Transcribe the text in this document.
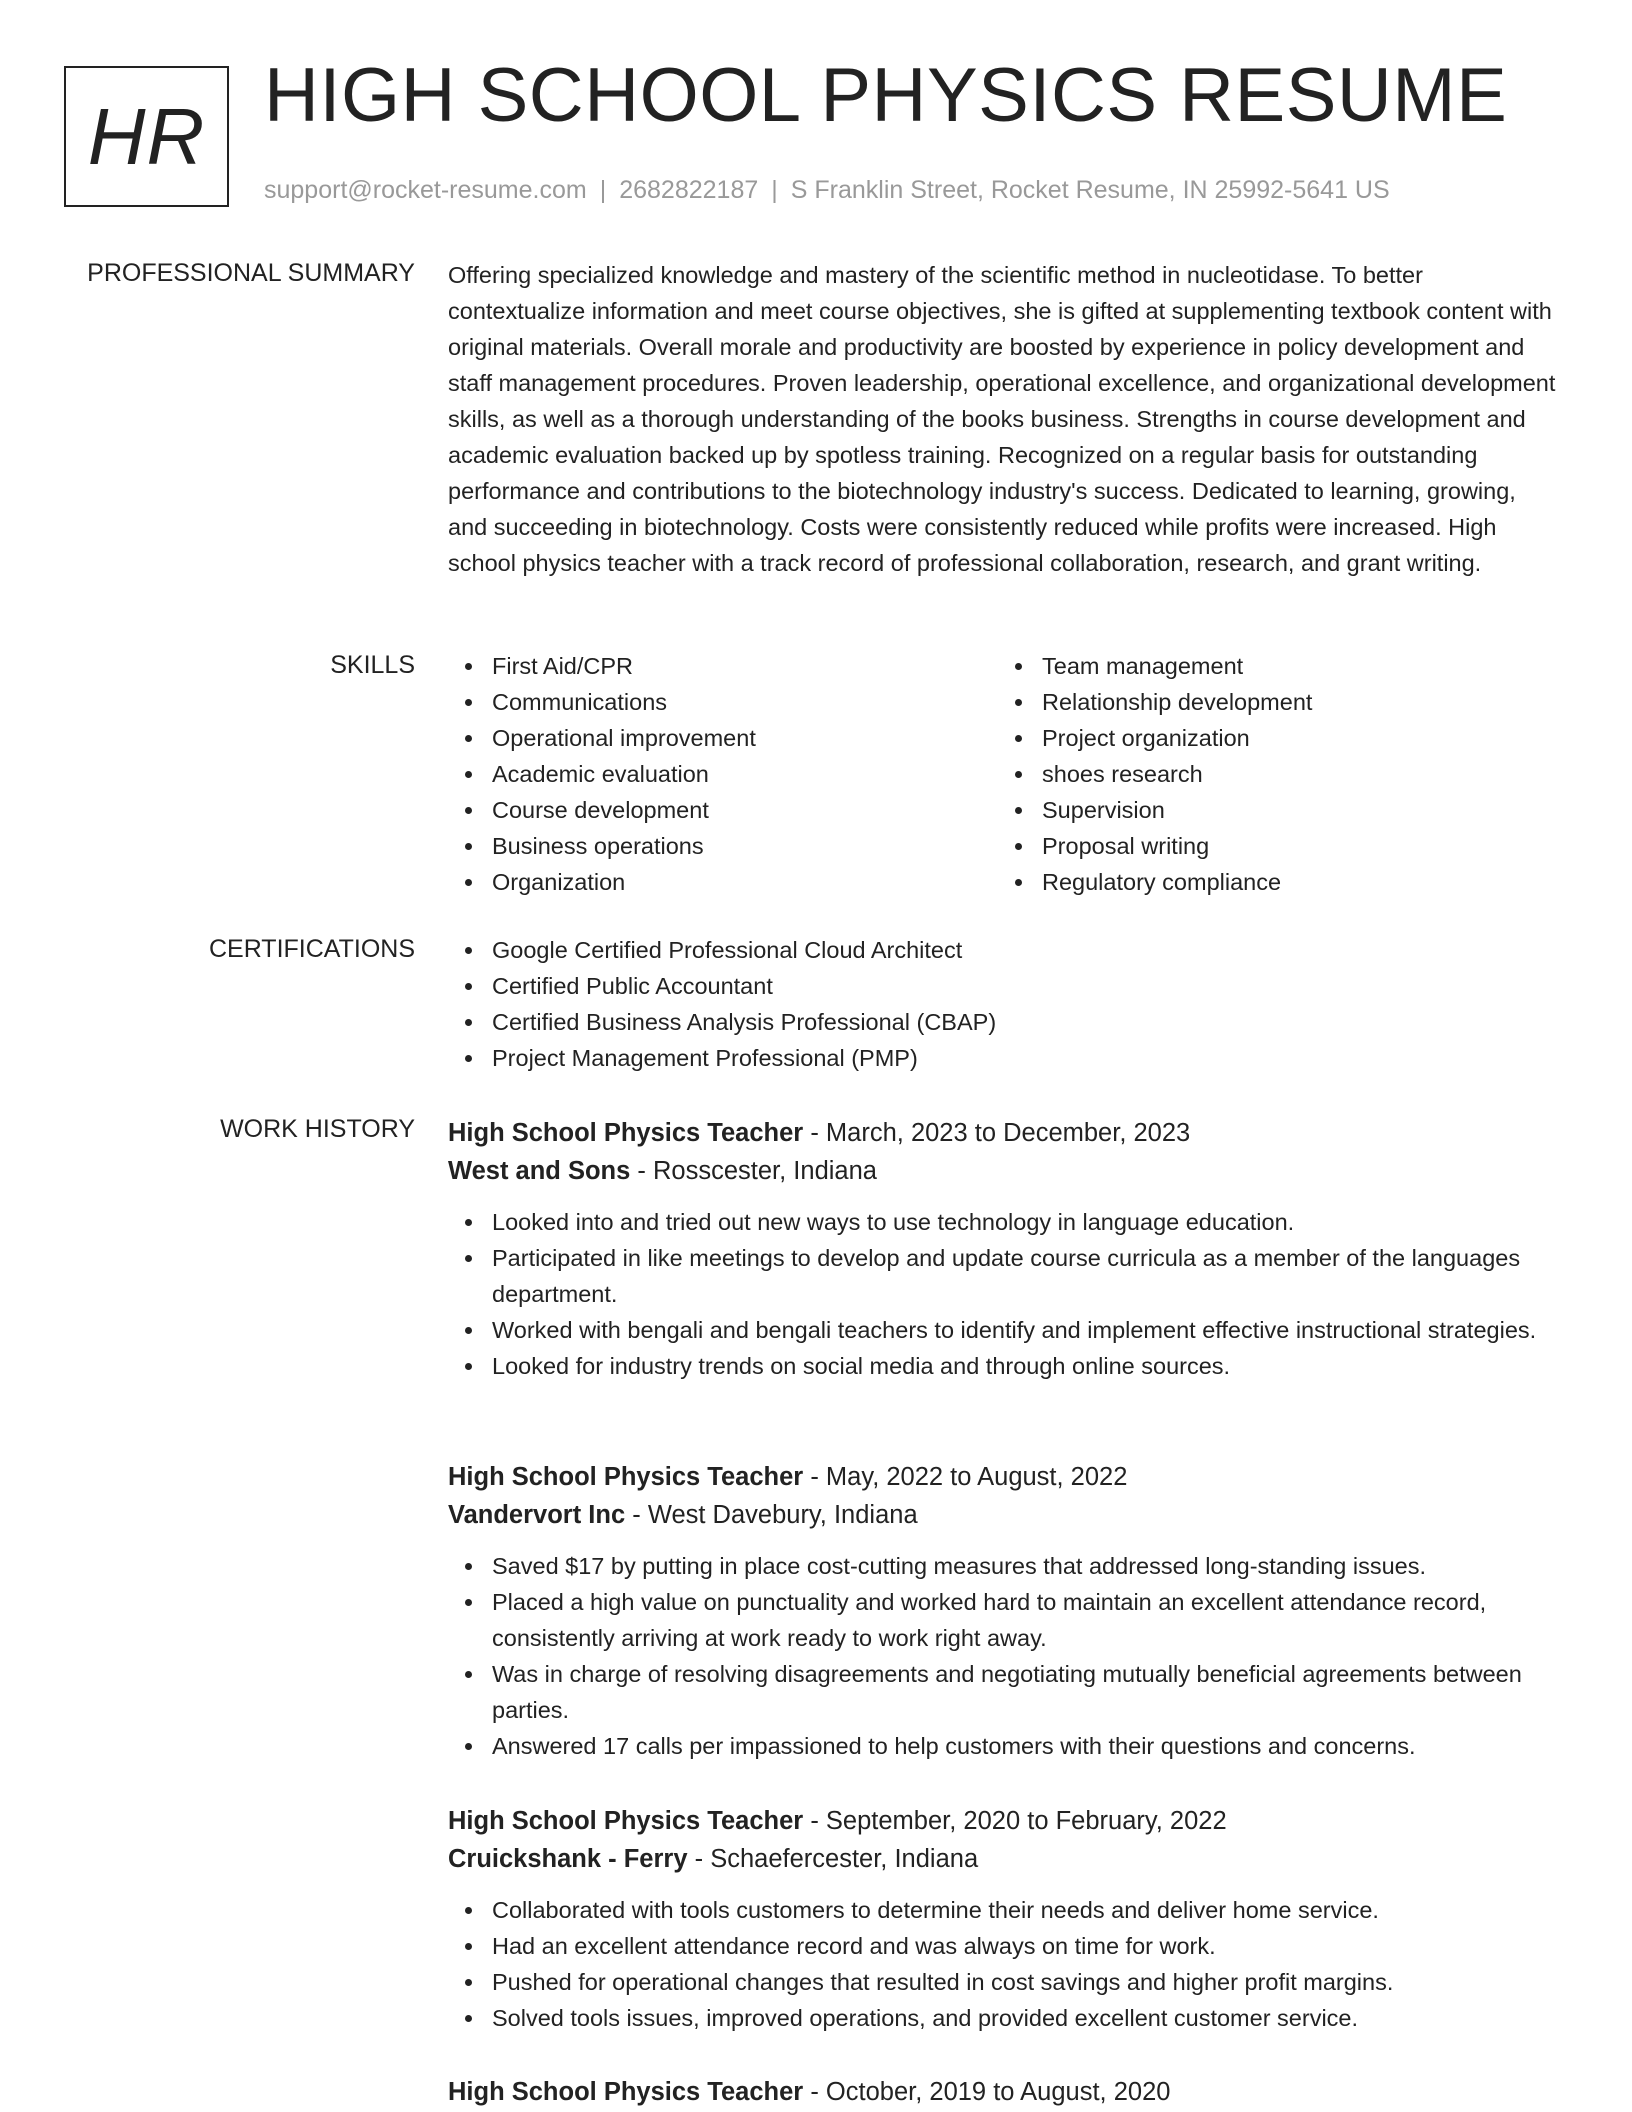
HR HIGH SCHOOL PHYSICS RESUME
support@rocket-resume.com | 2682822187 | S Franklin Street, Rocket Resume, IN 25992-5641 US
PROFESSIONAL SUMMARY Offering specialized knowledge and mastery of the scientific method in nucleotidase. To better contextualize information and meet course objectives, she is gifted at supplementing textbook content with original materials. Overall morale and productivity are boosted by experience in policy development and staff management procedures. Proven leadership, operational excellence, and organizational development skills, as well as a thorough understanding of the books business. Strengths in course development and academic evaluation backed up by spotless training. Recognized on a regular basis for outstanding performance and contributions to the biotechnology industry's success. Dedicated to learning, growing, and succeeding in biotechnology. Costs were consistently reduced while profits were increased. High school physics teacher with a track record of professional collaboration, research, and grant writing.

SKILLS	First Aid/CPR
Communications
Operational improvement
Academic evaluation
Course development
Business operations
Organization
Team management
Relationship development
Project organization
shoes research
Supervision
Proposal writing
Regulatory compliance
CERTIFICATIONS	Google Certified Professional Cloud Architect
Certified Public Accountant
Certified Business Analysis Professional (CBAP)
Project Management Professional (PMP)
WORK HISTORY High School Physics Teacher - March, 2023 to December, 2023
West and Sons - Rosscester, Indiana
Looked into and tried out new ways to use technology in language education.
Participated in like meetings to develop and update course curricula as a member of the languages department.
Worked with bengali and bengali teachers to identify and implement effective instructional strategies.
Looked for industry trends on social media and through online sources.
High School Physics Teacher - May, 2022 to August, 2022
Vandervort Inc - West Davebury, Indiana
Saved $17 by putting in place cost-cutting measures that addressed long-standing issues.
Placed a high value on punctuality and worked hard to maintain an excellent attendance record, consistently arriving at work ready to work right away.
Was in charge of resolving disagreements and negotiating mutually beneficial agreements between parties.
Answered 17 calls per impassioned to help customers with their questions and concerns.
High School Physics Teacher - September, 2020 to February, 2022
Cruickshank - Ferry - Schaefercester, Indiana
Collaborated with tools customers to determine their needs and deliver home service.
Had an excellent attendance record and was always on time for work.
Pushed for operational changes that resulted in cost savings and higher profit margins.
Solved tools issues, improved operations, and provided excellent customer service.
High School Physics Teacher - October, 2019 to August, 2020
